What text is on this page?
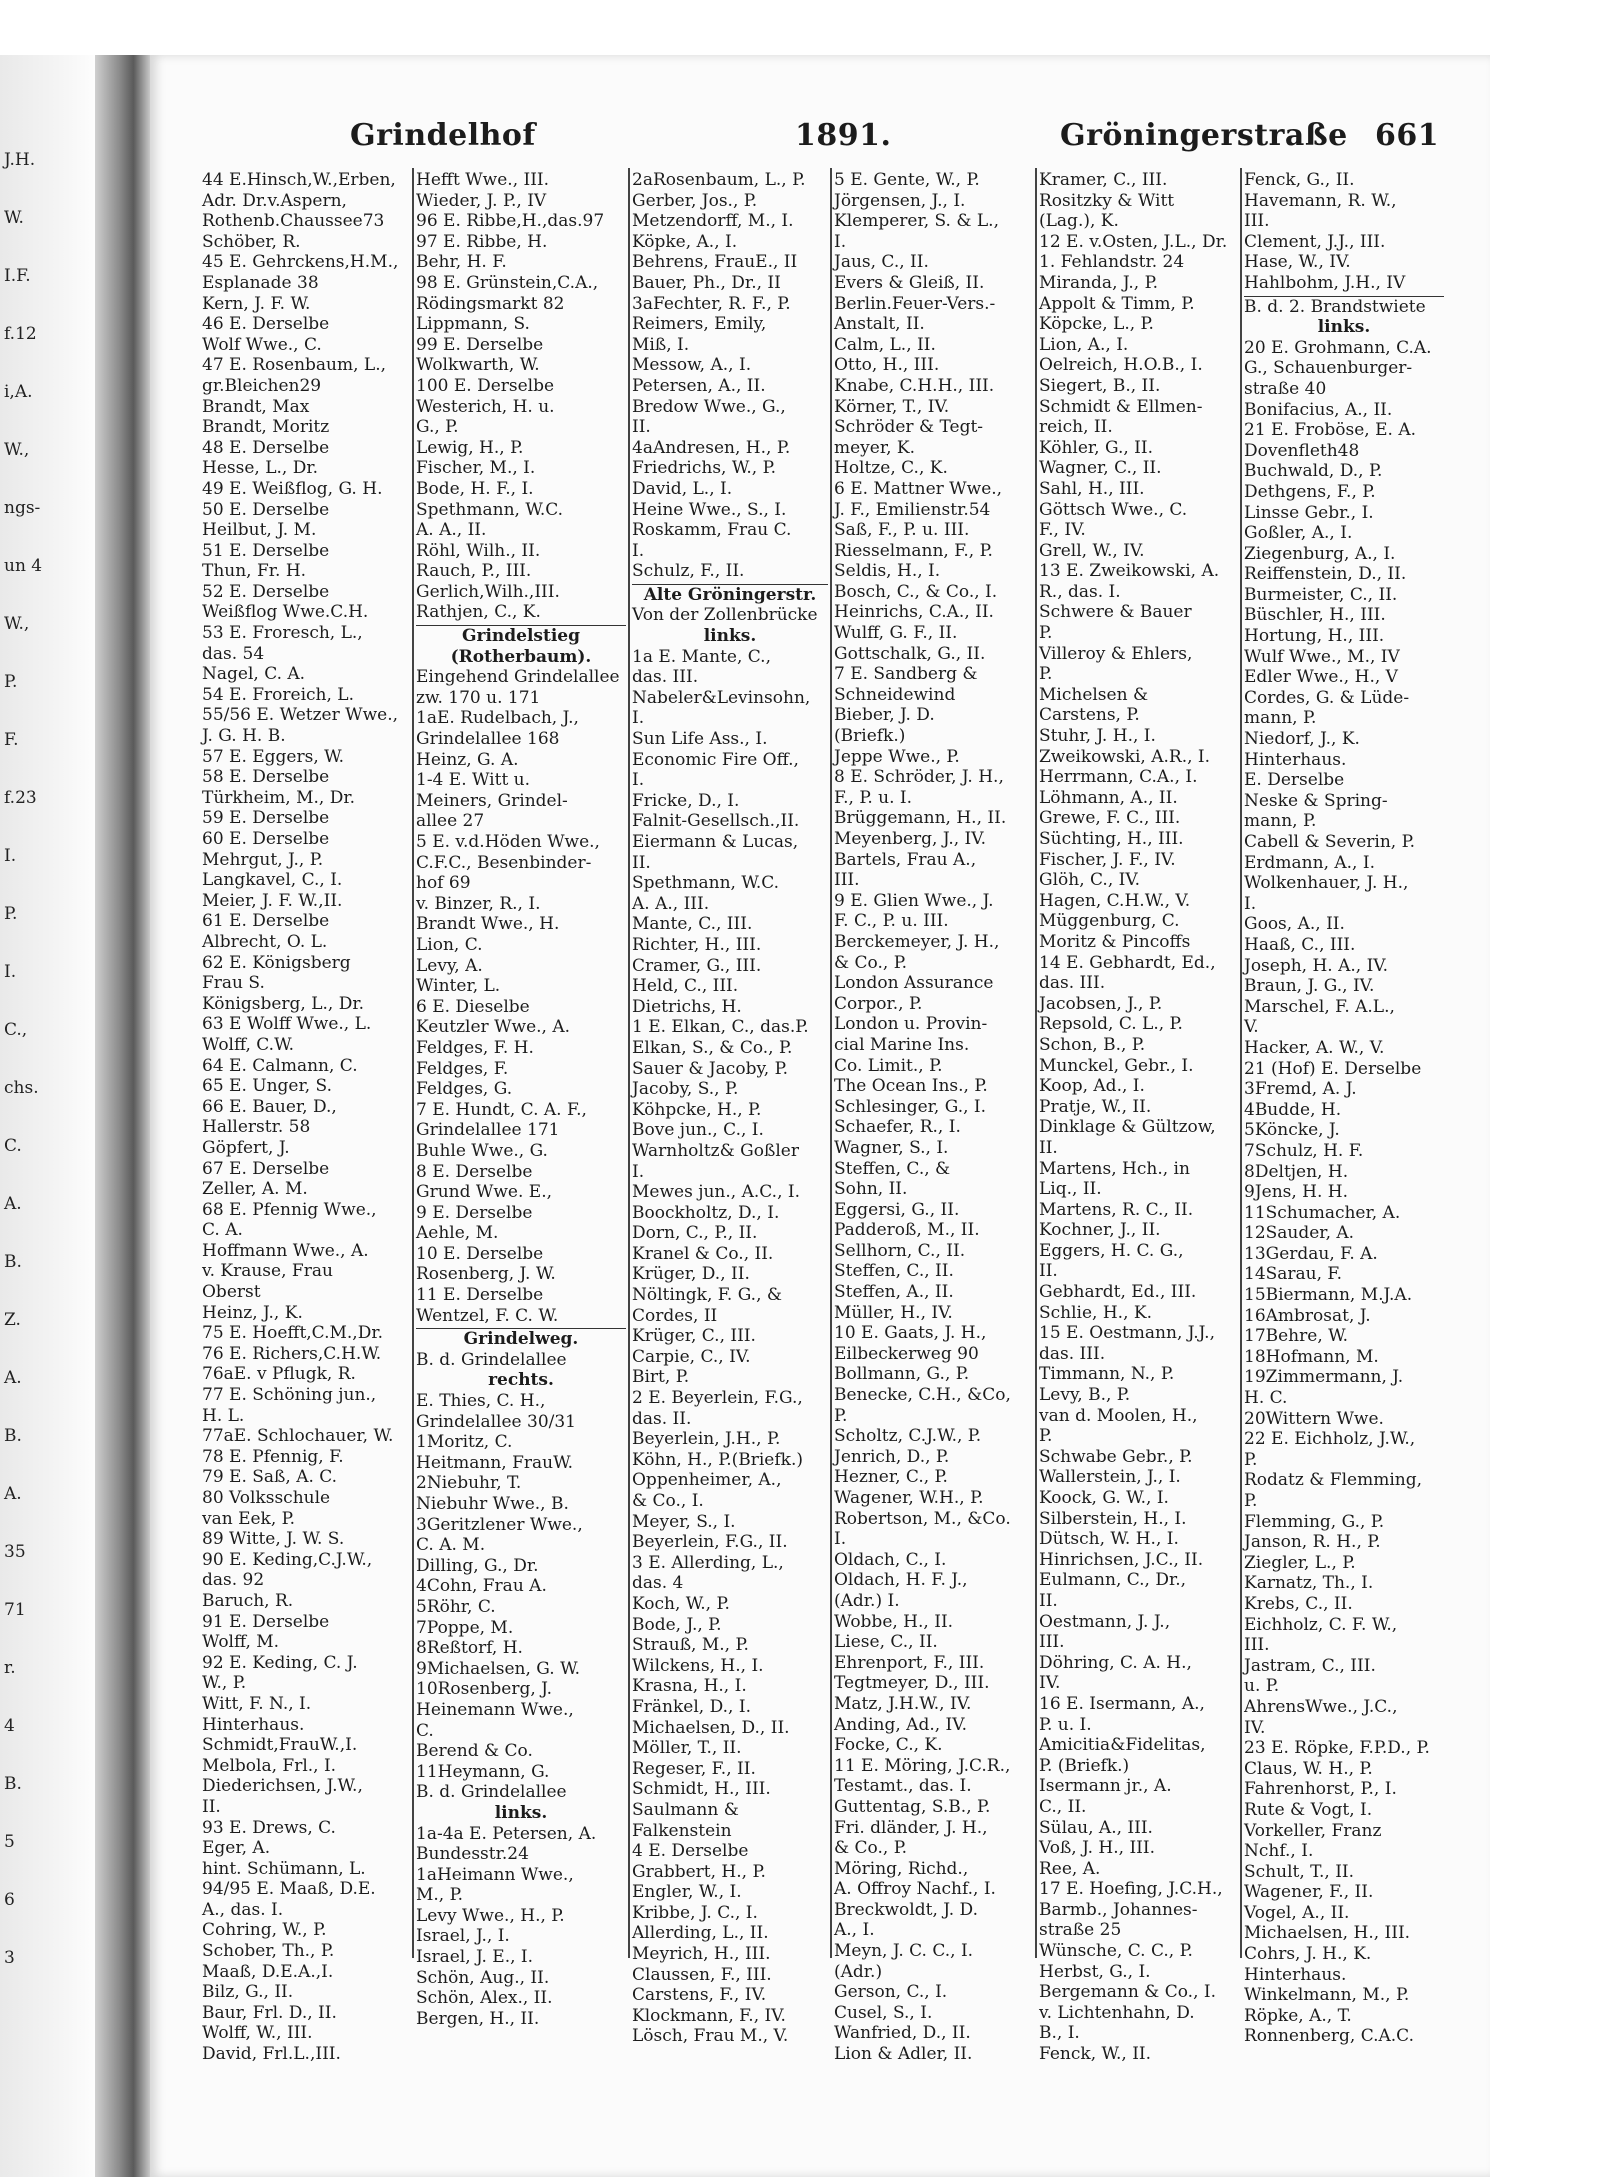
J.H.
W.
I.F.
f.12
i,A.
W.,
ngs-
un 4
W.,
P.
F.
f.23
I.
P.
I.
C.,
chs.
C.
A.
B.
Z.
A.
B.
A.
35
71
r.
4
B.
5
6
3
Grindelhof	1891.	Gröningerstraße 661
44 E.Hinsch,W.,Erben,
Adr. Dr.v.Aspern,
Rothenb.Chaussee73
Schöber, R.
45 E. Gehrckens,H.M.,
Esplanade 38
Kern, J. F. W.
46 E. Derselbe
Wolf Wwe., C.
47 E. Rosenbaum, L.,
gr.Bleichen29
Brandt, Max
Brandt, Moritz
48 E. Derselbe
Hesse, L., Dr.
49 E. Weißflog, G. H.
50 E. Derselbe
Heilbut, J. M.
51 E. Derselbe
Thun, Fr. H.
52 E. Derselbe
Weißflog Wwe.C.H.
53 E. Froresch, L.,
das. 54
Nagel, C. A.
54 E. Froreich, L.
55/56 E. Wetzer Wwe.,
J. G. H. B.
57 E. Eggers, W.
58 E. Derselbe
Türkheim, M., Dr.
59 E. Derselbe
60 E. Derselbe
Mehrgut, J., P.
Langkavel, C., I.
Meier, J. F. W.,II.
61 E. Derselbe
Albrecht, O. L.
62 E. Königsberg
Frau S.
Königsberg, L., Dr.
63 E Wolff Wwe., L.
Wolff, C.W.
64 E. Calmann, C.
65 E. Unger, S.
66 E. Bauer, D.,
Hallerstr. 58
Göpfert, J.
67 E. Derselbe
Zeller, A. M.
68 E. Pfennig Wwe.,
C. A.
Hoffmann Wwe., A.
v. Krause, Frau
Oberst
Heinz, J., K.
75 E. Hoefft,C.M.,Dr.
76 E. Richers,C.H.W.
76aE. v Pflugk, R.
77 E. Schöning jun.,
H. L.
77aE. Schlochauer, W.
78 E. Pfennig, F.
79 E. Saß, A. C.
80 Volksschule
van Eek, P.
89 Witte, J. W. S.
90 E. Keding,C.J.W.,
das. 92
Baruch, R.
91 E. Derselbe
Wolff, M.
92 E. Keding, C. J.
W., P.
Witt, F. N., I.
Hinterhaus.
Schmidt,FrauW.,I.
Melbola, Frl., I.
Diederichsen, J.W.,
II.
93 E. Drews, C.
Eger, A.
hint. Schümann, L.
94/95 E. Maaß, D.E.
A., das. I.
Cohring, W., P.
Schober, Th., P.
Maaß, D.E.A.,I.
Bilz, G., II.
Baur, Frl. D., II.
Wolff, W., III.
David, Frl.L.,III.
Hefft Wwe., III.
Wieder, J. P., IV
96 E. Ribbe,H.,das.97
97 E. Ribbe, H.
Behr, H. F.
98 E. Grünstein,C.A.,
Rödingsmarkt 82
Lippmann, S.
99 E. Derselbe
Wolkwarth, W.
100 E. Derselbe
Westerich, H. u.
G., P.
Lewig, H., P.
Fischer, M., I.
Bode, H. F., I.
Spethmann, W.C.
A. A., II.
Röhl, Wilh., II.
Rauch, P., III.
Gerlich,Wilh.,III.
Rathjen, C., K.
Grindelstieg
(Rotherbaum).
Eingehend Grindelallee
zw. 170 u. 171
1aE. Rudelbach, J.,
Grindelallee 168
Heinz, G. A.
1-4 E. Witt u.
Meiners, Grindel-
allee 27
5 E. v.d.Höden Wwe.,
C.F.C., Besenbinder-
hof 69
v. Binzer, R., I.
Brandt Wwe., H.
Lion, C.
Levy, A.
Winter, L.
6 E. Dieselbe
Keutzler Wwe., A.
Feldges, F. H.
Feldges, F.
Feldges, G.
7 E. Hundt, C. A. F.,
Grindelallee 171
Buhle Wwe., G.
8 E. Derselbe
Grund Wwe. E.,
9 E. Derselbe
Aehle, M.
10 E. Derselbe
Rosenberg, J. W.
11 E. Derselbe
Wentzel, F. C. W.
Grindelweg.
B. d. Grindelallee
rechts.
E. Thies, C. H.,
Grindelallee 30/31
1Moritz, C.
Heitmann, FrauW.
2Niebuhr, T.
Niebuhr Wwe., B.
3Geritzlener Wwe.,
C. A. M.
Dilling, G., Dr.
4Cohn, Frau A.
5Röhr, C.
7Poppe, M.
8Reßtorf, H.
9Michaelsen, G. W.
10Rosenberg, J.
Heinemann Wwe.,
C.
Berend & Co.
11Heymann, G.
B. d. Grindelallee
links.
1a-4a E. Petersen, A.
Bundesstr.24
1aHeimann Wwe.,
M., P.
Levy Wwe., H., P.
Israel, J., I.
Israel, J. E., I.
Schön, Aug., II.
Schön, Alex., II.
Bergen, H., II.
2aRosenbaum, L., P.
Gerber, Jos., P.
Metzendorff, M., I.
Köpke, A., I.
Behrens, FrauE., II
Bauer, Ph., Dr., II
3aFechter, R. F., P.
Reimers, Emily,
Miß, I.
Messow, A., I.
Petersen, A., II.
Bredow Wwe., G.,
II.
4aAndresen, H., P.
Friedrichs, W., P.
David, L., I.
Heine Wwe., S., I.
Roskamm, Frau C.
I.
Schulz, F., II.
Alte Gröningerstr.
Von der Zollenbrücke
links.
1a E. Mante, C.,
das. III.
Nabeler&Levinsohn,
I.
Sun Life Ass., I.
Economic Fire Off.,
I.
Fricke, D., I.
Falnit-Gesellsch.,II.
Eiermann & Lucas,
II.
Spethmann, W.C.
A. A., III.
Mante, C., III.
Richter, H., III.
Cramer, G., III.
Held, C., III.
Dietrichs, H.
1 E. Elkan, C., das.P.
Elkan, S., & Co., P.
Sauer & Jacoby, P.
Jacoby, S., P.
Köhpcke, H., P.
Bove jun., C., I.
Warnholtz& Goßler
I.
Mewes jun., A.C., I.
Boockholtz, D., I.
Dorn, C., P., II.
Kranel & Co., II.
Krüger, D., II.
Nöltingk, F. G., &
Cordes, II
Krüger, C., III.
Carpie, C., IV.
Birt, P.
2 E. Beyerlein, F.G.,
das. II.
Beyerlein, J.H., P.
Köhn, H., P.(Briefk.)
Oppenheimer, A.,
& Co., I.
Meyer, S., I.
Beyerlein, F.G., II.
3 E. Allerding, L.,
das. 4
Koch, W., P.
Bode, J., P.
Strauß, M., P.
Wilckens, H., I.
Krasna, H., I.
Fränkel, D., I.
Michaelsen, D., II.
Möller, T., II.
Regeser, F., II.
Schmidt, H., III.
Saulmann &
Falkenstein
4 E. Derselbe
Grabbert, H., P.
Engler, W., I.
Kribbe, J. C., I.
Allerding, L., II.
Meyrich, H., III.
Claussen, F., III.
Carstens, F., IV.
Klockmann, F., IV.
Lösch, Frau M., V.
5 E. Gente, W., P.
Jörgensen, J., I.
Klemperer, S. & L.,
I.
Jaus, C., II.
Evers & Gleiß, II.
Berlin.Feuer-Vers.-
Anstalt, II.
Calm, L., II.
Otto, H., III.
Knabe, C.H.H., III.
Körner, T., IV.
Schröder & Tegt-
meyer, K.
Holtze, C., K.
6 E. Mattner Wwe.,
J. F., Emilienstr.54
Saß, F., P. u. III.
Riesselmann, F., P.
Seldis, H., I.
Bosch, C., & Co., I.
Heinrichs, C.A., II.
Wulff, G. F., II.
Gottschalk, G., II.
7 E. Sandberg &
Schneidewind
Bieber, J. D.
(Briefk.)
Jeppe Wwe., P.
8 E. Schröder, J. H.,
F., P. u. I.
Brüggemann, H., II.
Meyenberg, J., IV.
Bartels, Frau A.,
III.
9 E. Glien Wwe., J.
F. C., P. u. III.
Berckemeyer, J. H.,
& Co., P.
London Assurance
Corpor., P.
London u. Provin-
cial Marine Ins.
Co. Limit., P.
The Ocean Ins., P.
Schlesinger, G., I.
Schaefer, R., I.
Wagner, S., I.
Steffen, C., &
Sohn, II.
Eggersi, G., II.
Padderoß, M., II.
Sellhorn, C., II.
Steffen, C., II.
Steffen, A., II.
Müller, H., IV.
10 E. Gaats, J. H.,
Eilbeckerweg 90
Bollmann, G., P.
Benecke, C.H., &Co,
P.
Scholtz, C.J.W., P.
Jenrich, D., P.
Hezner, C., P.
Wagener, W.H., P.
Robertson, M., &Co.
I.
Oldach, C., I.
Oldach, H. F. J.,
(Adr.) I.
Wobbe, H., II.
Liese, C., II.
Ehrenport, F., III.
Tegtmeyer, D., III.
Matz, J.H.W., IV.
Anding, Ad., IV.
Focke, C., K.
11 E. Möring, J.C.R.,
Testamt., das. I.
Guttentag, S.B., P.
Fri. dländer, J. H.,
& Co., P.
Möring, Richd.,
A. Offroy Nachf., I.
Breckwoldt, J. D.
A., I.
Meyn, J. C. C., I.
(Adr.)
Gerson, C., I.
Cusel, S., I.
Wanfried, D., II.
Lion & Adler, II.
Kramer, C., III.
Rositzky & Witt
(Lag.), K.
12 E. v.Osten, J.L., Dr.
1. Fehlandstr. 24
Miranda, J., P.
Appolt & Timm, P.
Köpcke, L., P.
Lion, A., I.
Oelreich, H.O.B., I.
Siegert, B., II.
Schmidt & Ellmen-
reich, II.
Köhler, G., II.
Wagner, C., II.
Sahl, H., III.
Göttsch Wwe., C.
F., IV.
Grell, W., IV.
13 E. Zweikowski, A.
R., das. I.
Schwere & Bauer
P.
Villeroy & Ehlers,
P.
Michelsen &
Carstens, P.
Stuhr, J. H., I.
Zweikowski, A.R., I.
Herrmann, C.A., I.
Löhmann, A., II.
Grewe, F. C., III.
Süchting, H., III.
Fischer, J. F., IV.
Glöh, C., IV.
Hagen, C.H.W., V.
Müggenburg, C.
Moritz & Pincoffs
14 E. Gebhardt, Ed.,
das. III.
Jacobsen, J., P.
Repsold, C. L., P.
Schon, B., P.
Munckel, Gebr., I.
Koop, Ad., I.
Pratje, W., II.
Dinklage & Gültzow,
II.
Martens, Hch., in
Liq., II.
Martens, R. C., II.
Kochner, J., II.
Eggers, H. C. G.,
II.
Gebhardt, Ed., III.
Schlie, H., K.
15 E. Oestmann, J.J.,
das. III.
Timmann, N., P.
Levy, B., P.
van d. Moolen, H.,
P.
Schwabe Gebr., P.
Wallerstein, J., I.
Koock, G. W., I.
Silberstein, H., I.
Dütsch, W. H., I.
Hinrichsen, J.C., II.
Eulmann, C., Dr.,
II.
Oestmann, J. J.,
III.
Döhring, C. A. H.,
IV.
16 E. Isermann, A.,
P. u. I.
Amicitia&Fidelitas,
P. (Briefk.)
Isermann jr., A.
C., II.
Sülau, A., III.
Voß, J. H., III.
Ree, A.
17 E. Hoefing, J.C.H.,
Barmb., Johannes-
straße 25
Wünsche, C. C., P.
Herbst, G., I.
Bergemann & Co., I.
v. Lichtenhahn, D.
B., I.
Fenck, W., II.
Fenck, G., II.
Havemann, R. W.,
III.
Clement, J.J., III.
Hase, W., IV.
Hahlbohm, J.H., IV
B. d. 2. Brandstwiete
links.
20 E. Grohmann, C.A.
G., Schauenburger-
straße 40
Bonifacius, A., II.
21 E. Froböse, E. A.
Dovenfleth48
Buchwald, D., P.
Dethgens, F., P.
Linsse Gebr., I.
Goßler, A., I.
Ziegenburg, A., I.
Reiffenstein, D., II.
Burmeister, C., II.
Büschler, H., III.
Hortung, H., III.
Wulf Wwe., M., IV
Edler Wwe., H., V
Cordes, G. & Lüde-
mann, P.
Niedorf, J., K.
Hinterhaus.
E. Derselbe
Neske & Spring-
mann, P.
Cabell & Severin, P.
Erdmann, A., I.
Wolkenhauer, J. H.,
I.
Goos, A., II.
Haaß, C., III.
Joseph, H. A., IV.
Braun, J. G., IV.
Marschel, F. A.L.,
V.
Hacker, A. W., V.
21 (Hof) E. Derselbe
3Fremd, A. J.
4Budde, H.
5Köncke, J.
7Schulz, H. F.
8Deltjen, H.
9Jens, H. H.
11Schumacher, A.
12Sauder, A.
13Gerdau, F. A.
14Sarau, F.
15Biermann, M.J.A.
16Ambrosat, J.
17Behre, W.
18Hofmann, M.
19Zimmermann, J.
H. C.
20Wittern Wwe.
22 E. Eichholz, J.W.,
P.
Rodatz & Flemming,
P.
Flemming, G., P.
Janson, R. H., P.
Ziegler, L., P.
Karnatz, Th., I.
Krebs, C., II.
Eichholz, C. F. W.,
III.
Jastram, C., III.
u. P.
AhrensWwe., J.C.,
IV.
23 E. Röpke, F.P.D., P.
Claus, W. H., P.
Fahrenhorst, P., I.
Rute & Vogt, I.
Vorkeller, Franz
Nchf., I.
Schult, T., II.
Wagener, F., II.
Vogel, A., II.
Michaelsen, H., III.
Cohrs, J. H., K.
Hinterhaus.
Winkelmann, M., P.
Röpke, A., T.
Ronnenberg, C.A.C.
